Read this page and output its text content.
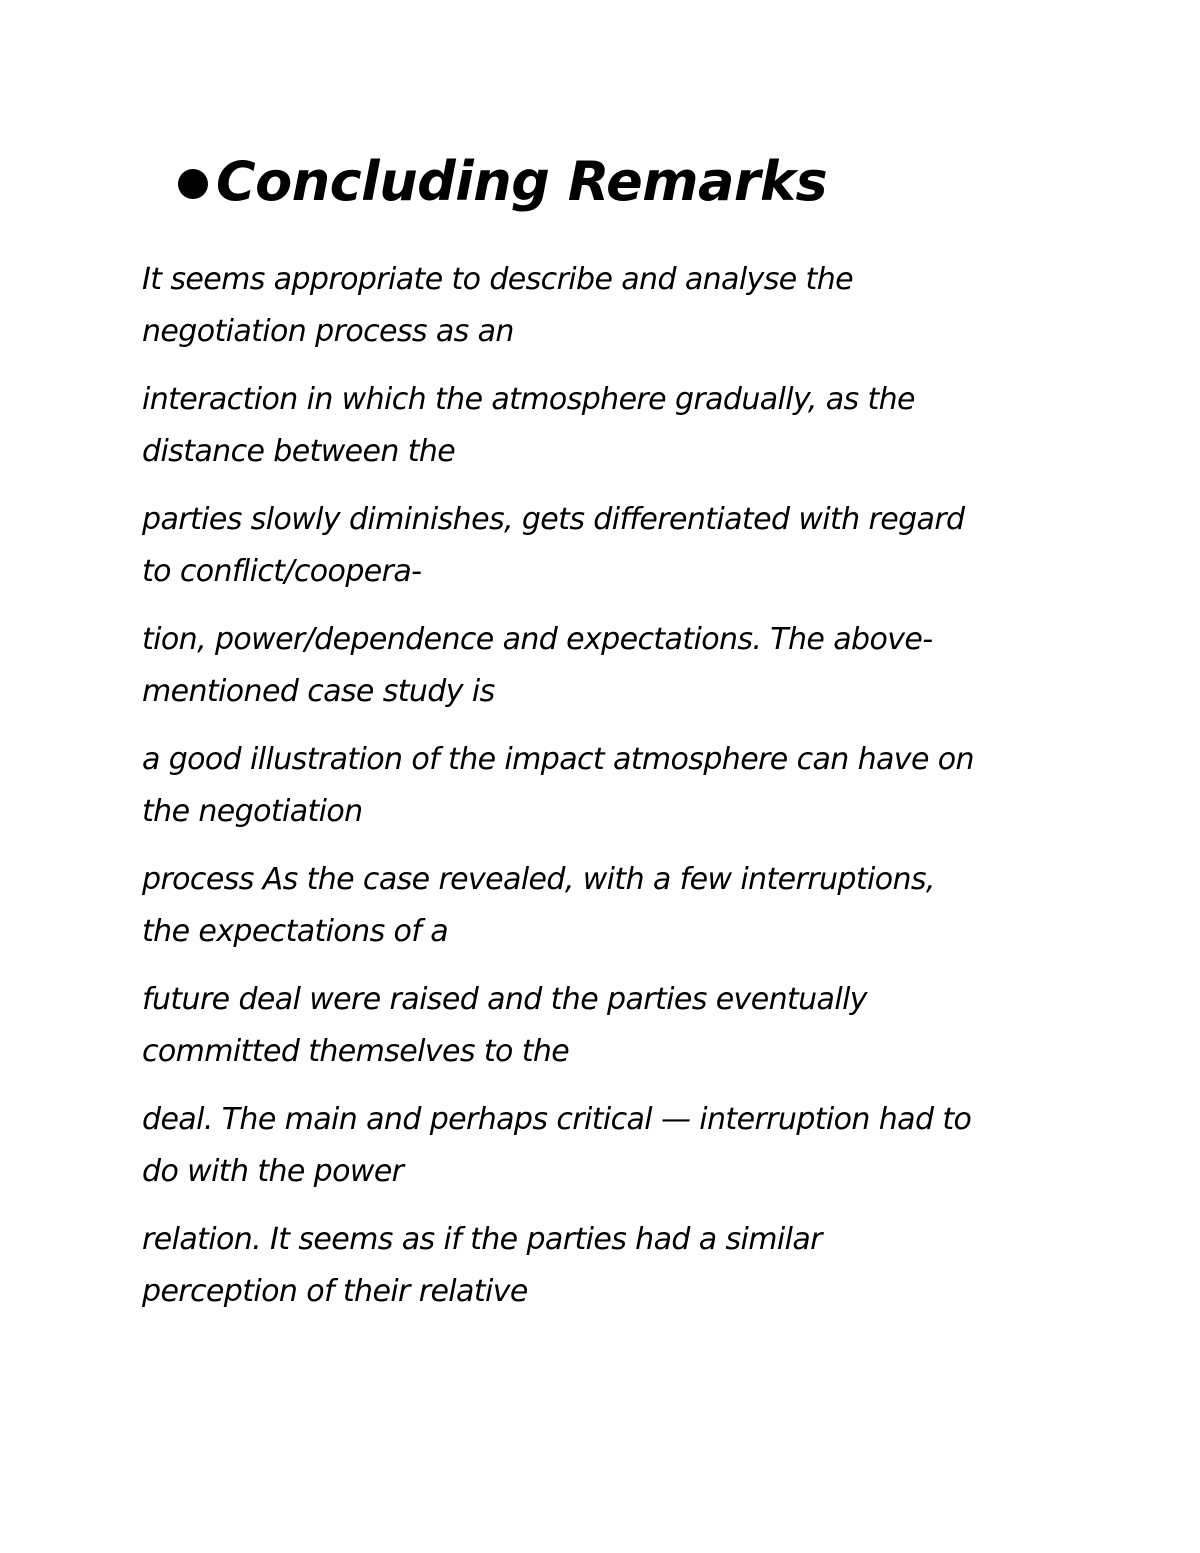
Concluding Remarks

It seems appropriate to describe and analyse the
negotiation process as an

interaction in which the atmosphere gradually, as the
distance between the

parties slowly diminishes, gets differentiated with regard
to conflict/coopera-

tion, power/dependence and expectations. The above-
mentioned case study is

a good illustration of the impact atmosphere can have on
the negotiation

process As the case revealed, with a few interruptions,
the expectations of a

future deal were raised and the parties eventually
committed themselves to the

deal. The main and perhaps critical — interruption had to
do with the power

relation. It seems as if the parties had a similar
perception of their relative
